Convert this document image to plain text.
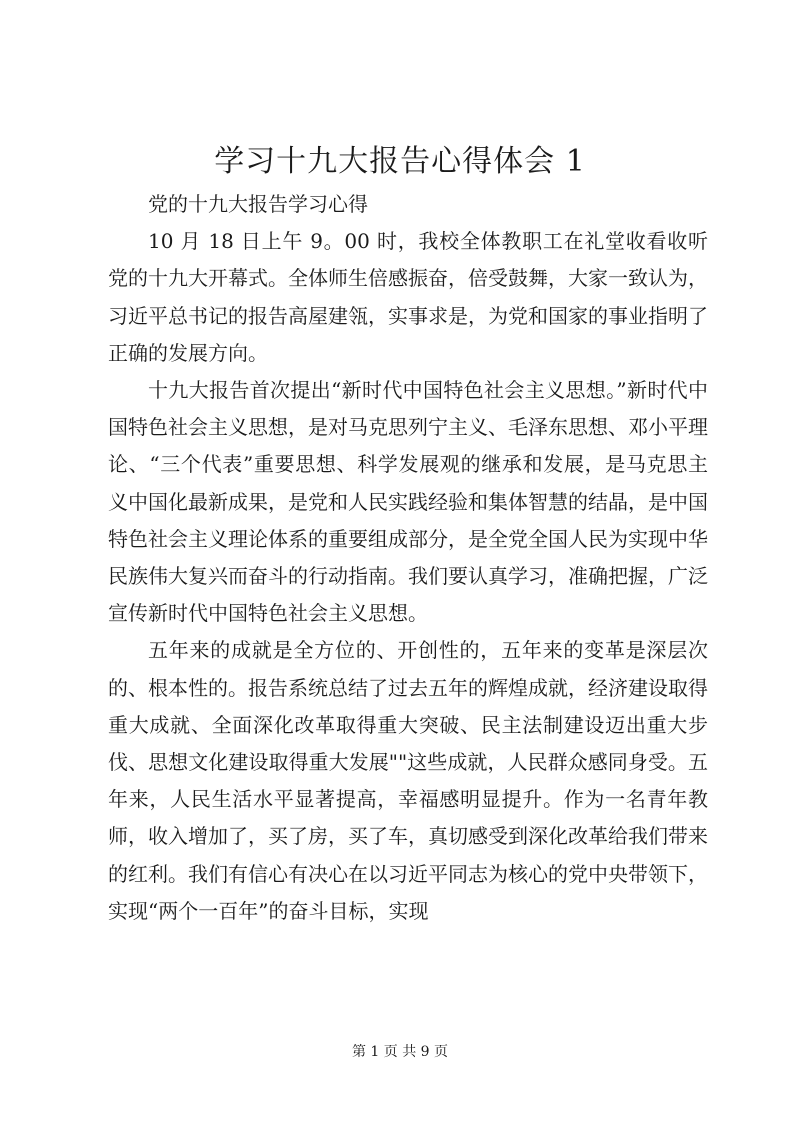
学习十九大报告心得体会 1

党的十九大报告学习心得

10 月 18 日上午 9。00 时，我校全体教职工在礼堂收看收听党的十九大开幕式。全体师生倍感振奋，倍受鼓舞，大家一致认为，习近平总书记的报告高屋建瓴，实事求是，为党和国家的事业指明了正确的发展方向。

十九大报告首次提出“新时代中国特色社会主义思想。”新时代中国特色社会主义思想，是对马克思列宁主义、毛泽东思想、邓小平理论、“三个代表”重要思想、科学发展观的继承和发展，是马克思主义中国化最新成果，是党和人民实践经验和集体智慧的结晶，是中国特色社会主义理论体系的重要组成部分，是全党全国人民为实现中华民族伟大复兴而奋斗的行动指南。我们要认真学习，准确把握，广泛宣传新时代中国特色社会主义思想。

五年来的成就是全方位的、开创性的，五年来的变革是深层次的、根本性的。报告系统总结了过去五年的辉煌成就，经济建设取得重大成就、全面深化改革取得重大突破、民主法制建设迈出重大步伐、思想文化建设取得重大发展""这些成就，人民群众感同身受。五年来，人民生活水平显著提高，幸福感明显提升。作为一名青年教师，收入增加了，买了房，买了车，真切感受到深化改革给我们带来的红利。我们有信心有决心在以习近平同志为核心的党中央带领下，实现“两个一百年”的奋斗目标，实现

第 1 页 共 9 页
